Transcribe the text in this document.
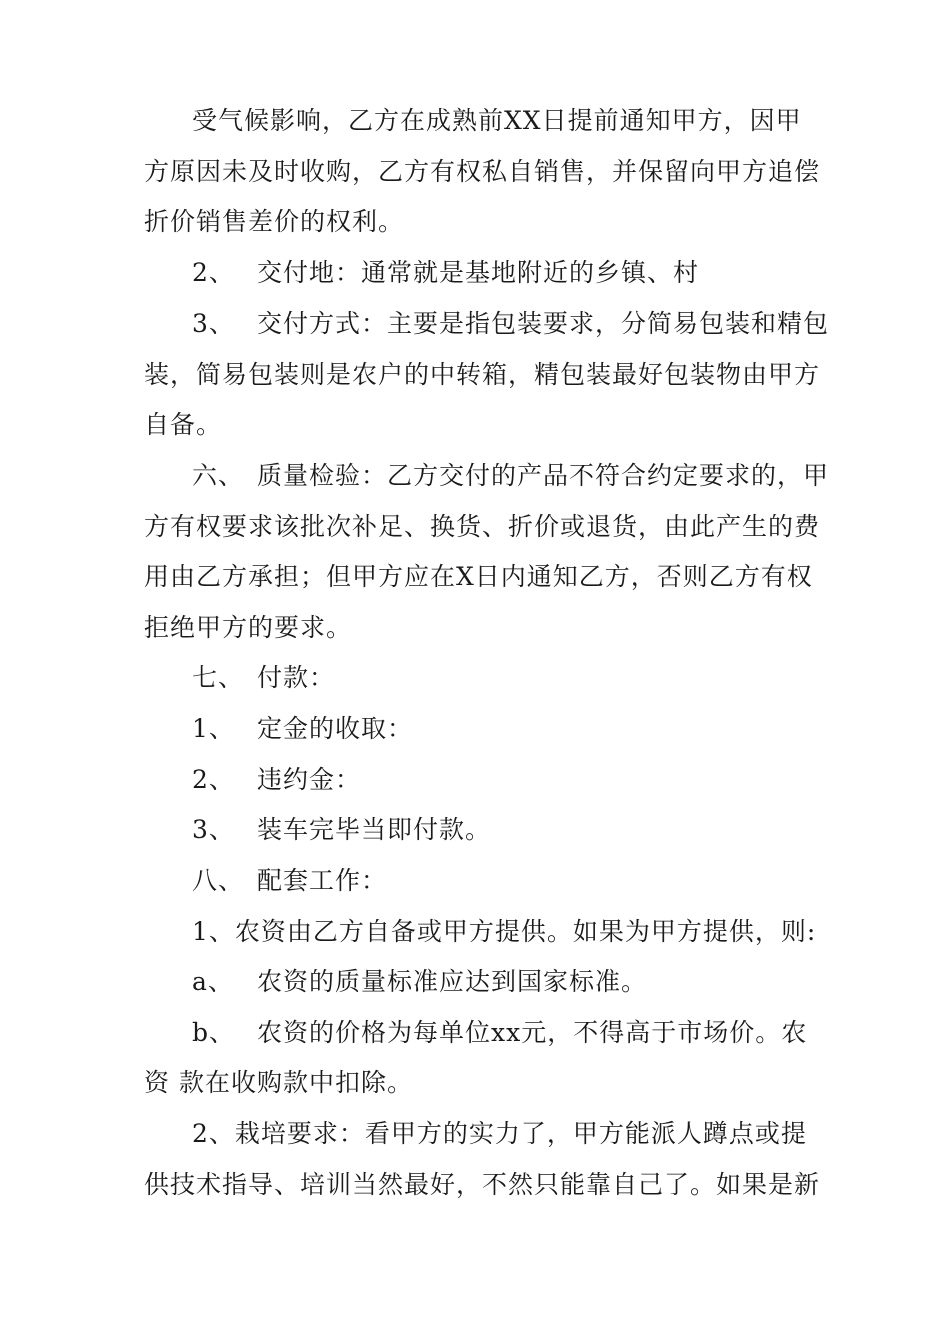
受气候影响，乙方在成熟前XX日提前通知甲方，因甲
方原因未及时收购，乙方有权私自销售，并保留向甲方追偿
折价销售差价的权利。
2、 交付地：通常就是基地附近的乡镇、村
3、 交付方式：主要是指包装要求，分简易包装和精包
装，简易包装则是农户的中转箱，精包装最好包装物由甲方
自备。
六、 质量检验：乙方交付的产品不符合约定要求的，甲
方有权要求该批次补足、换货、折价或退货，由此产生的费
用由乙方承担；但甲方应在X日内通知乙方，否则乙方有权
拒绝甲方的要求。
七、 付款：
1、 定金的收取：
2、 违约金：
3、 装车完毕当即付款。
八、 配套工作：
1、农资由乙方自备或甲方提供。如果为甲方提供，则:
a、 农资的质量标准应达到国家标准。
b、 农资的价格为每单位xx元，不得高于市场价。农
资 款在收购款中扣除。
2、栽培要求：看甲方的实力了，甲方能派人蹲点或提
供技术指导、培训当然最好，不然只能靠自己了。如果是新
